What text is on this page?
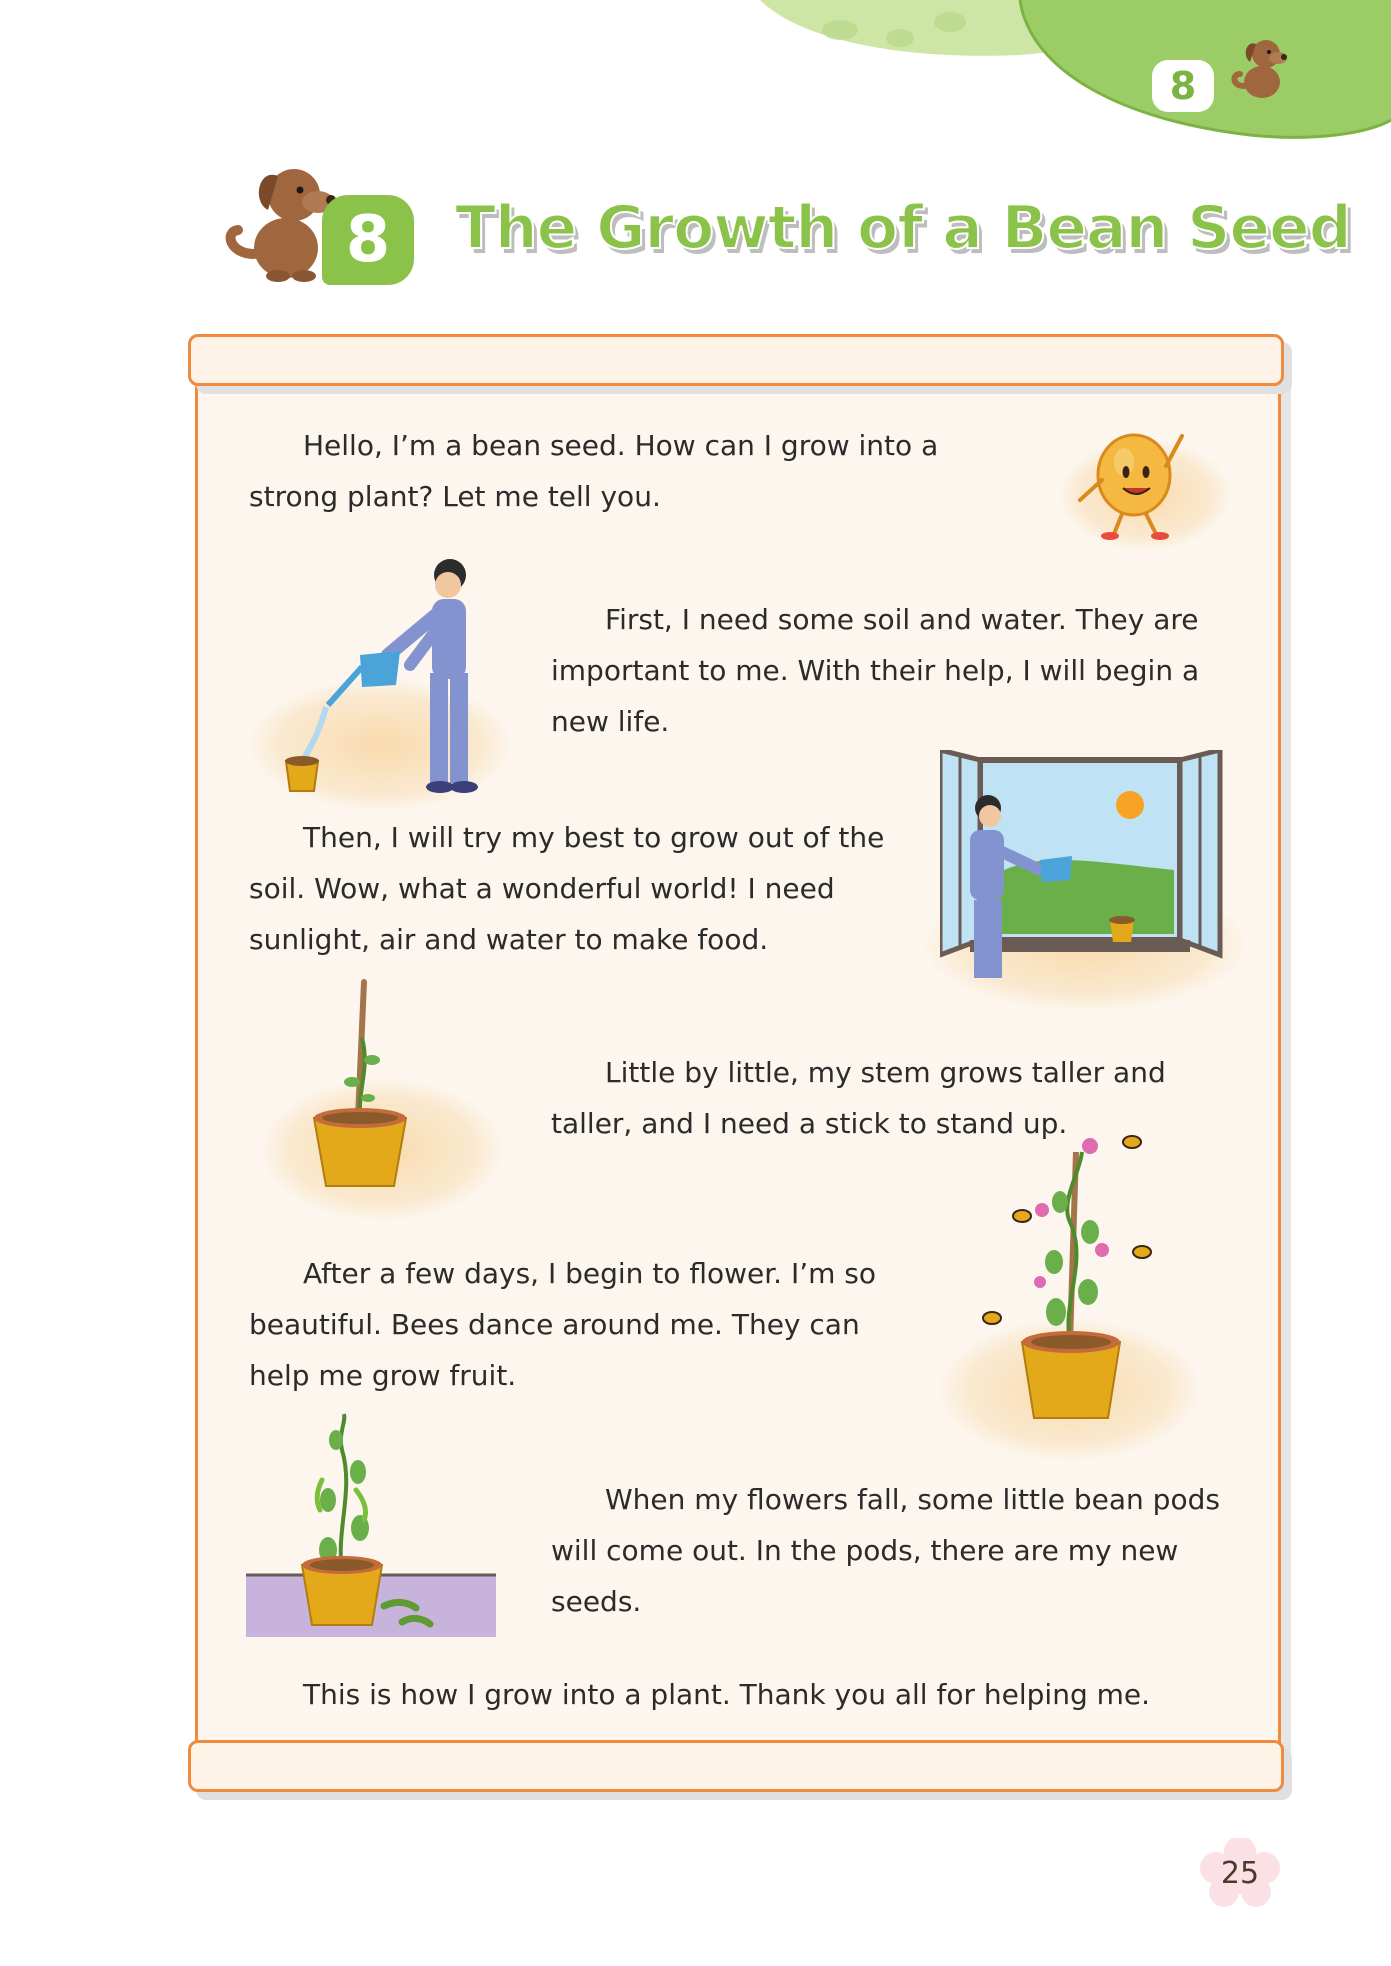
8
8	The Growth of a Bean Seed
Hello, I’m a bean seed. How can I grow into a
strong plant? Let me tell you.
First, I need some soil and water. They are
important to me. With their help, I will begin a
new life.
Then, I will try my best to grow out of the
soil. Wow, what a wonderful world! I need
sunlight, air and water to make food.
Little by little, my stem grows taller and
taller, and I need a stick to stand up.
After a few days, I begin to flower. I’m so
beautiful. Bees dance around me. They can
help me grow fruit.
When my flowers fall, some little bean pods
will come out. In the pods, there are my new
seeds.
This is how I grow into a plant. Thank you all for helping me.
25
